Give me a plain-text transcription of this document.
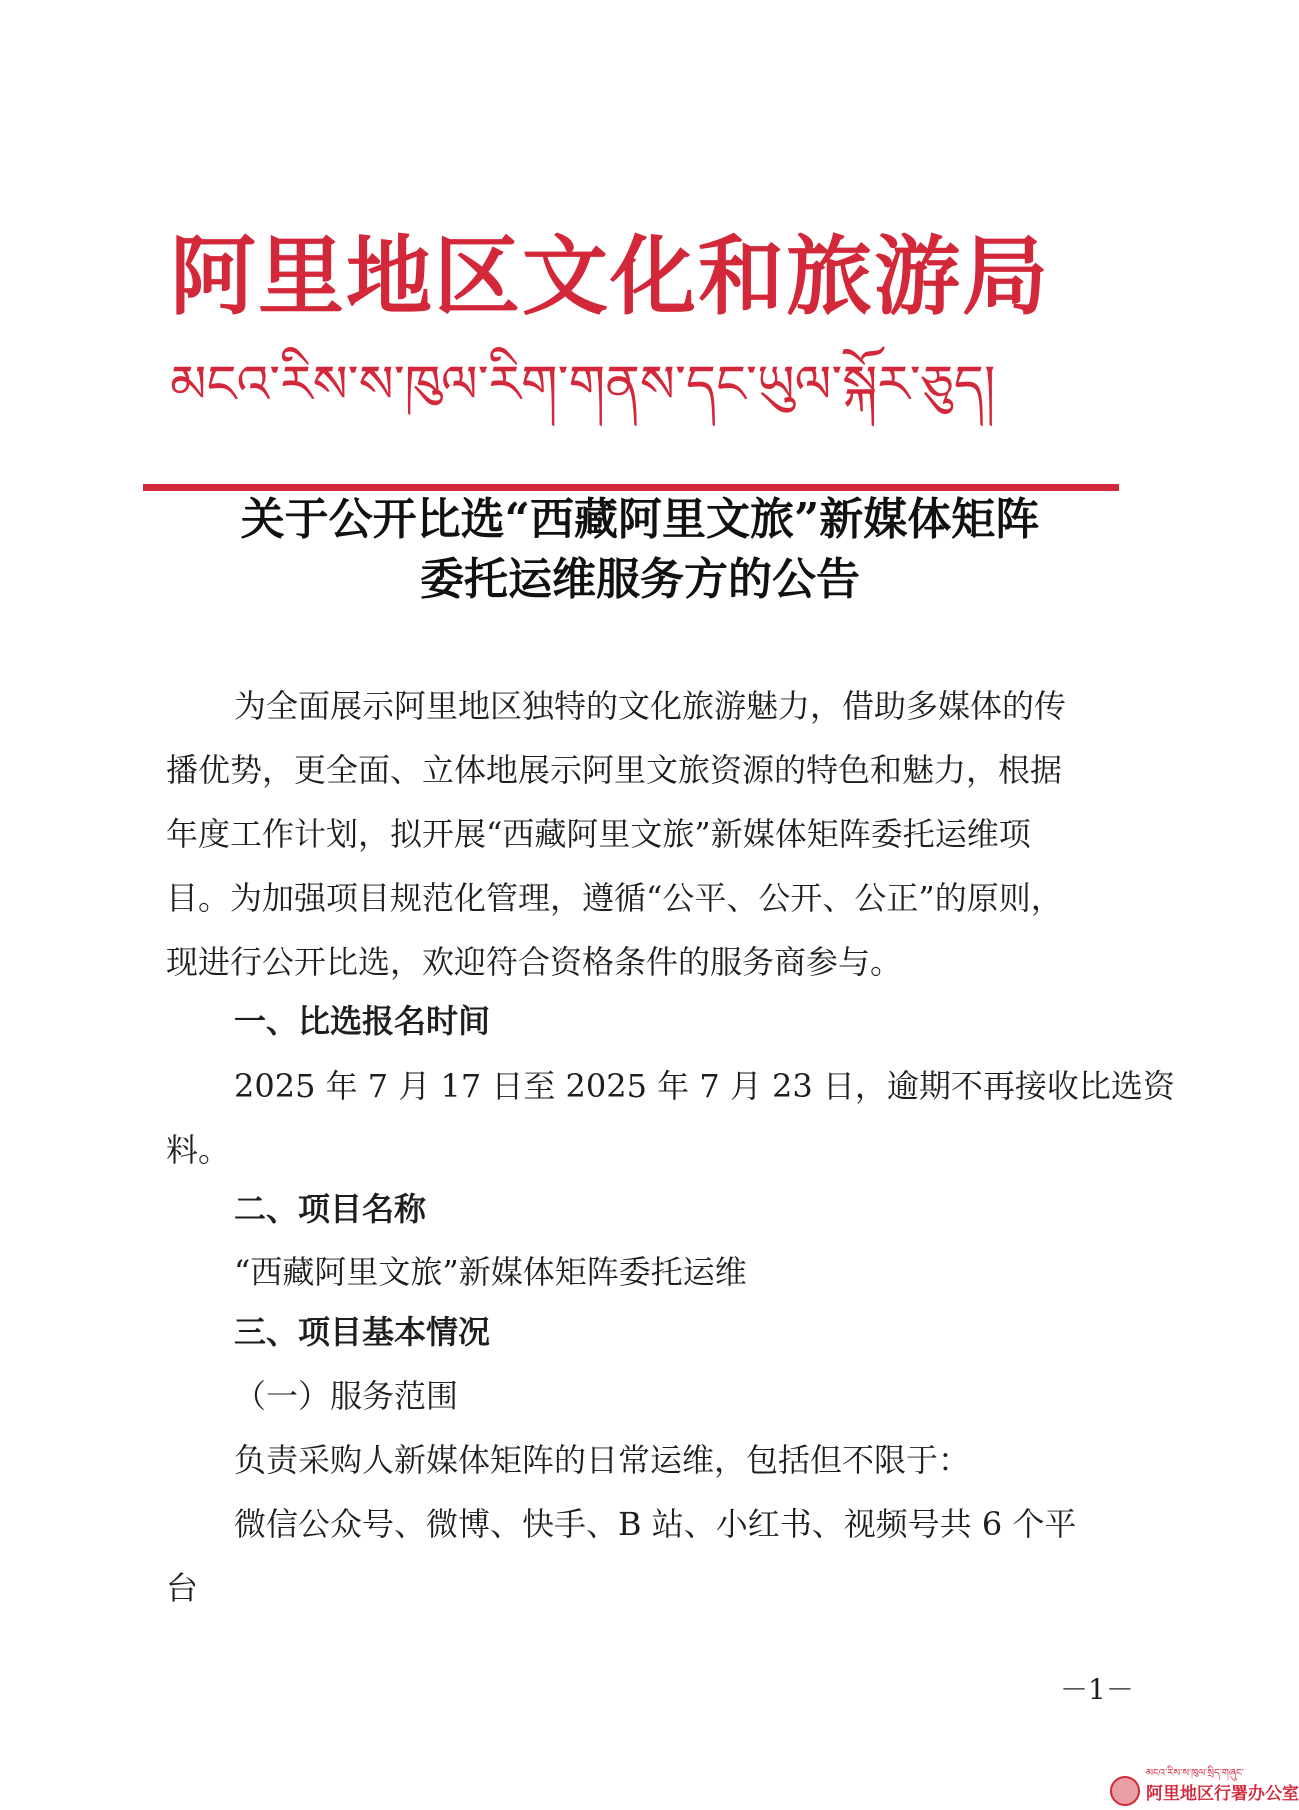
阿里地区文化和旅游局
མངའ་རིས་ས་ཁུལ་རིག་གནས་དང་ཡུལ་སྐོར་ཅུད།
关于公开比选“西藏阿里文旅”新媒体矩阵
委托运维服务方的公告
为全面展示阿里地区独特的文化旅游魅力，借助多媒体的传
播优势，更全面、立体地展示阿里文旅资源的特色和魅力，根据
年度工作计划，拟开展“西藏阿里文旅”新媒体矩阵委托运维项
目。为加强项目规范化管理，遵循“公平、公开、公正”的原则，
现进行公开比选，欢迎符合资格条件的服务商参与。
一、比选报名时间
2025 年 7 月 17 日至 2025 年 7 月 23 日，逾期不再接收比选资
料。
二、项目名称
“西藏阿里文旅”新媒体矩阵委托运维
三、项目基本情况
（一）服务范围
负责采购人新媒体矩阵的日常运维，包括但不限于：
微信公众号、微博、快手、B 站、小红书、视频号共 6 个平
台
－1－
མངའ་རིས་ས་ཁུལ་སྲིད་གཞུང་
阿里地区行署办公室
